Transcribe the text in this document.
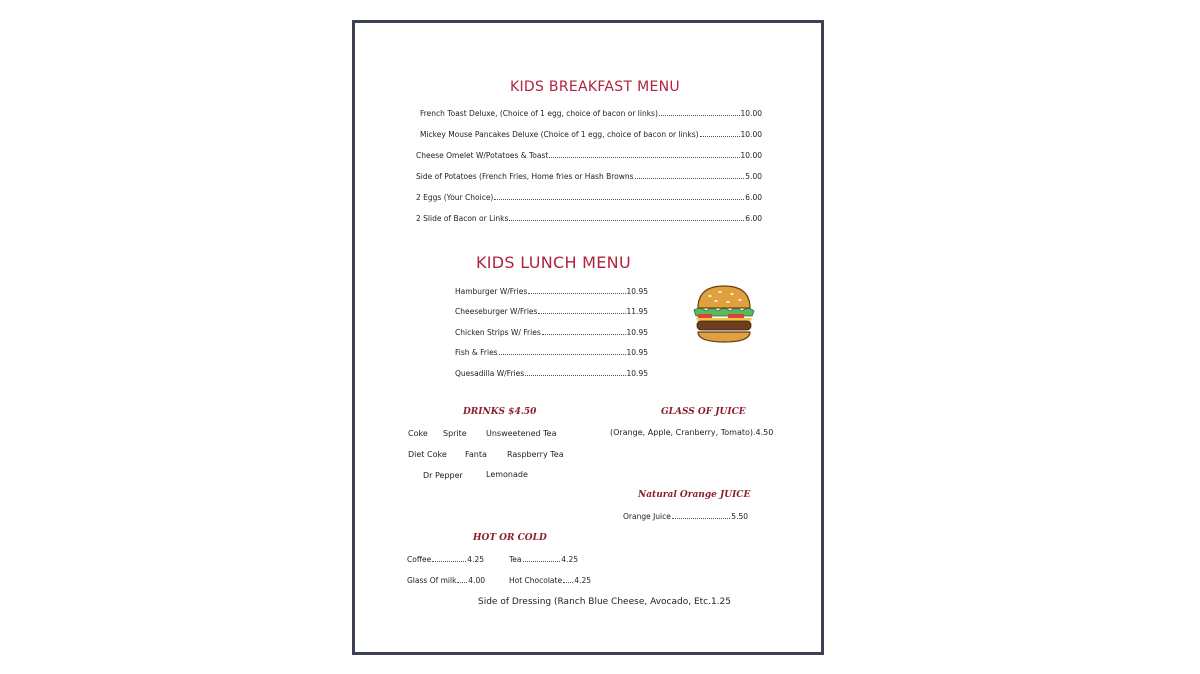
KIDS BREAKFAST MENU
French Toast Deluxe, (Choice of 1 egg, choice of bacon or links)	10.00
Mickey Mouse Pancakes Deluxe (Choice of 1 egg, choice of bacon or links)	10.00
Cheese Omelet W/Potatoes & Toast	10.00
Side of Potatoes (French Fries, Home fries or Hash Browns	5.00
2 Eggs (Your Choice)	6.00
2 Slide of Bacon or Links	6.00
KIDS LUNCH MENU
Hamburger W/Fries	10.95
Cheeseburger W/Fries	11.95
Chicken Strips W/ Fries	10.95
Fish & Fries	10.95
Quesadilla W/Fries	10.95
DRINKS $4.50
Coke Sprite Unsweetened Tea
Diet Coke Fanta	Raspberry Tea
Dr Pepper	Lemonade
GLASS OF JUICE
(Orange, Apple, Cranberry, Tomato).4.50
Natural Orange JUICE
Orange Juice	5.50
HOT OR COLD
Coffee	4.25	Tea	4.25
Glass Of milk 4.00	Hot Chocolate 4.25
Side of Dressing (Ranch Blue Cheese, Avocado, Etc.1.25
